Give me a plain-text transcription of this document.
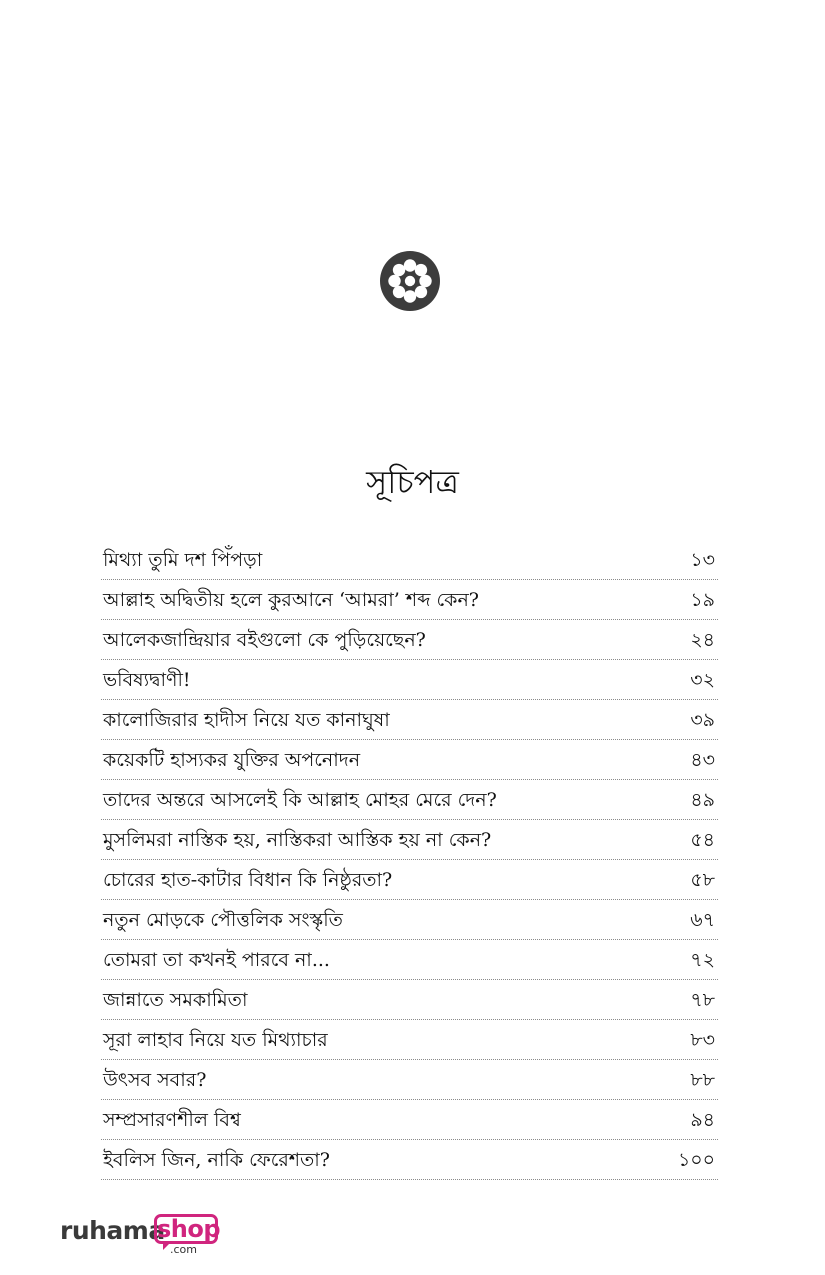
সূচিপত্র
মিথ্যা তুমি দশ পিঁপড়া	১৩
আল্লাহ অদ্বিতীয় হলে কুরআনে ‘আমরা’ শব্দ কেন?	১৯
আলেকজান্দ্রিয়ার বইগুলো কে পুড়িয়েছেন?	২৪
ভবিষ্যদ্বাণী!	৩২
কালোজিরার হাদীস নিয়ে যত কানাঘুষা	৩৯
কয়েকটি হাস্যকর যুক্তির অপনোদন	৪৩
তাদের অন্তরে আসলেই কি আল্লাহ মোহর মেরে দেন?	৪৯
মুসলিমরা নাস্তিক হয়, নাস্তিকরা আস্তিক হয় না কেন?	৫৪
চোরের হাত-কাটার বিধান কি নিষ্ঠুরতা?	৫৮
নতুন মোড়কে পৌত্তলিক সংস্কৃতি	৬৭
তোমরা তা কখনই পারবে না...	৭২
জান্নাতে সমকামিতা	৭৮
সূরা লাহাব নিয়ে যত মিথ্যাচার	৮৩
উৎসব সবার?	৮৮
সম্প্রসারণশীল বিশ্ব	৯৪
ইবলিস জিন, নাকি ফেরেশতা?	১০০
ruhama
shop
.com
